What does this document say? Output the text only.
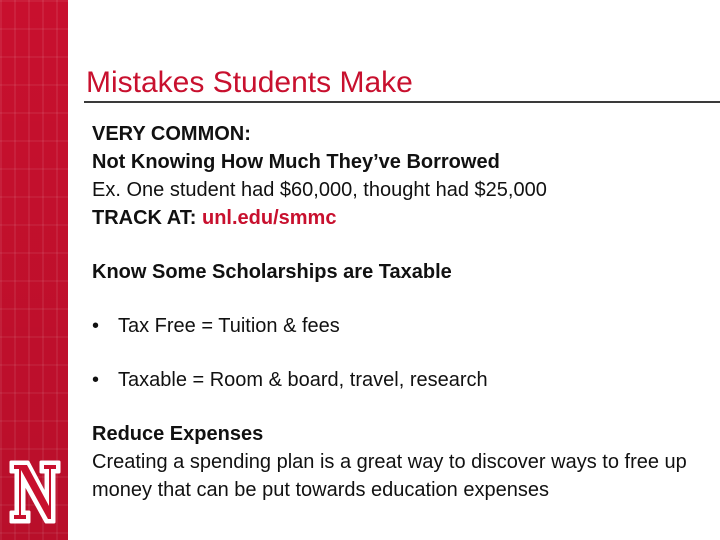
Mistakes Students Make
VERY COMMON:
Not Knowing How Much They’ve Borrowed
Ex. One student had $60,000, thought had $25,000
TRACK AT: unl.edu/smmc
Know Some Scholarships are Taxable
• Tax Free = Tuition & fees
• Taxable = Room & board, travel, research
Reduce Expenses
Creating a spending plan is a great way to discover ways to free up money that can be put towards education expenses
